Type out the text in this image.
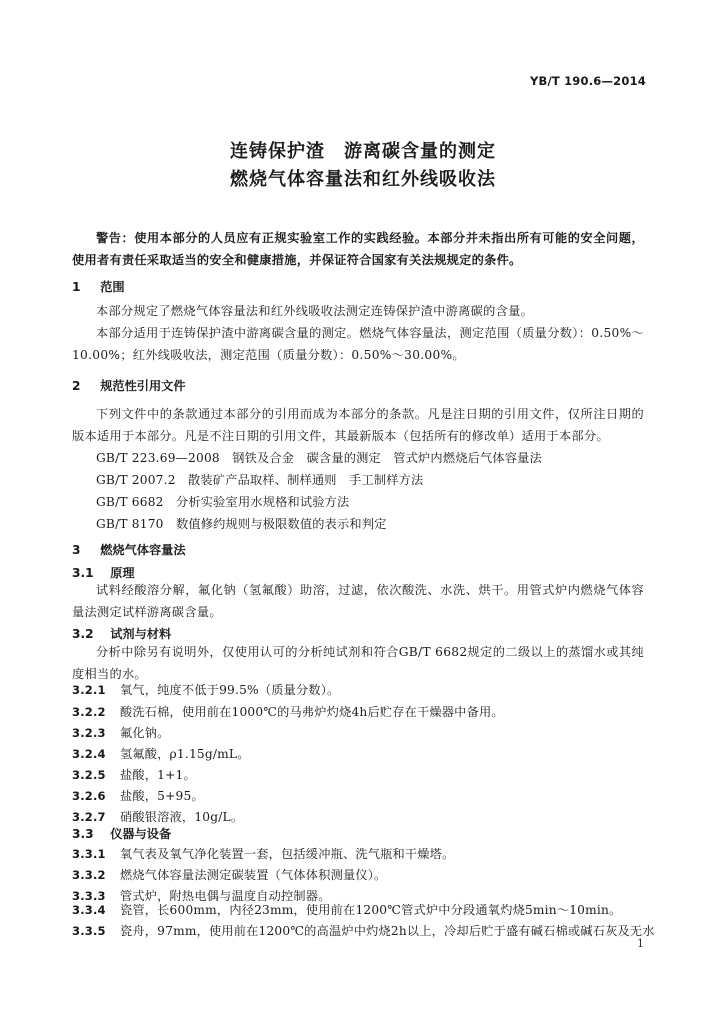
YB/T 190.6—2014
连铸保护渣　游离碳含量的测定
燃烧气体容量法和红外线吸收法
警告：使用本部分的人员应有正规实验室工作的实践经验。本部分并未指出所有可能的安全问题，使用者有责任采取适当的安全和健康措施，并保证符合国家有关法规规定的条件。
1 范围
本部分规定了燃烧气体容量法和红外线吸收法测定连铸保护渣中游离碳的含量。
本部分适用于连铸保护渣中游离碳含量的测定。燃烧气体容量法，测定范围（质量分数）：0.50%～10.00%；红外线吸收法，测定范围（质量分数）：0.50%～30.00%。
2 规范性引用文件
下列文件中的条款通过本部分的引用而成为本部分的条款。凡是注日期的引用文件，仅所注日期的版本适用于本部分。凡是不注日期的引用文件，其最新版本（包括所有的修改单）适用于本部分。
GB/T 223.69—2008　钢铁及合金　碳含量的测定　管式炉内燃烧后气体容量法
GB/T 2007.2　散装矿产品取样、制样通则　手工制样方法
GB/T 6682　分析实验室用水规格和试验方法
GB/T 8170　数值修约规则与极限数值的表示和判定
3 燃烧气体容量法
3.1 原理
试料经酸溶分解，氟化钠（氢氟酸）助溶，过滤，依次酸洗、水洗、烘干。用管式炉内燃烧气体容量法测定试样游离碳含量。
3.2 试剂与材料
分析中除另有说明外，仅使用认可的分析纯试剂和符合GB/T 6682规定的二级以上的蒸馏水或其纯度相当的水。
3.2.1 氧气，纯度不低于99.5%（质量分数）。
3.2.2 酸洗石棉，使用前在1000℃的马弗炉灼烧4h后贮存在干燥器中备用。
3.2.3 氟化钠。
3.2.4 氢氟酸，ρ1.15g/mL。
3.2.5 盐酸，1+1。
3.2.6 盐酸，5+95。
3.2.7 硝酸银溶液，10g/L。
3.3 仪器与设备
3.3.1 氧气表及氧气净化装置一套，包括缓冲瓶、洗气瓶和干燥塔。
3.3.2 燃烧气体容量法测定碳装置（气体体积测量仪）。
3.3.3 管式炉，附热电偶与温度自动控制器。
3.3.4 瓷管，长600mm，内径23mm，使用前在1200℃管式炉中分段通氧灼烧5min～10min。
3.3.5 瓷舟，97mm，使用前在1200℃的高温炉中灼烧2h以上，冷却后贮于盛有碱石棉或碱石灰及无水
1
